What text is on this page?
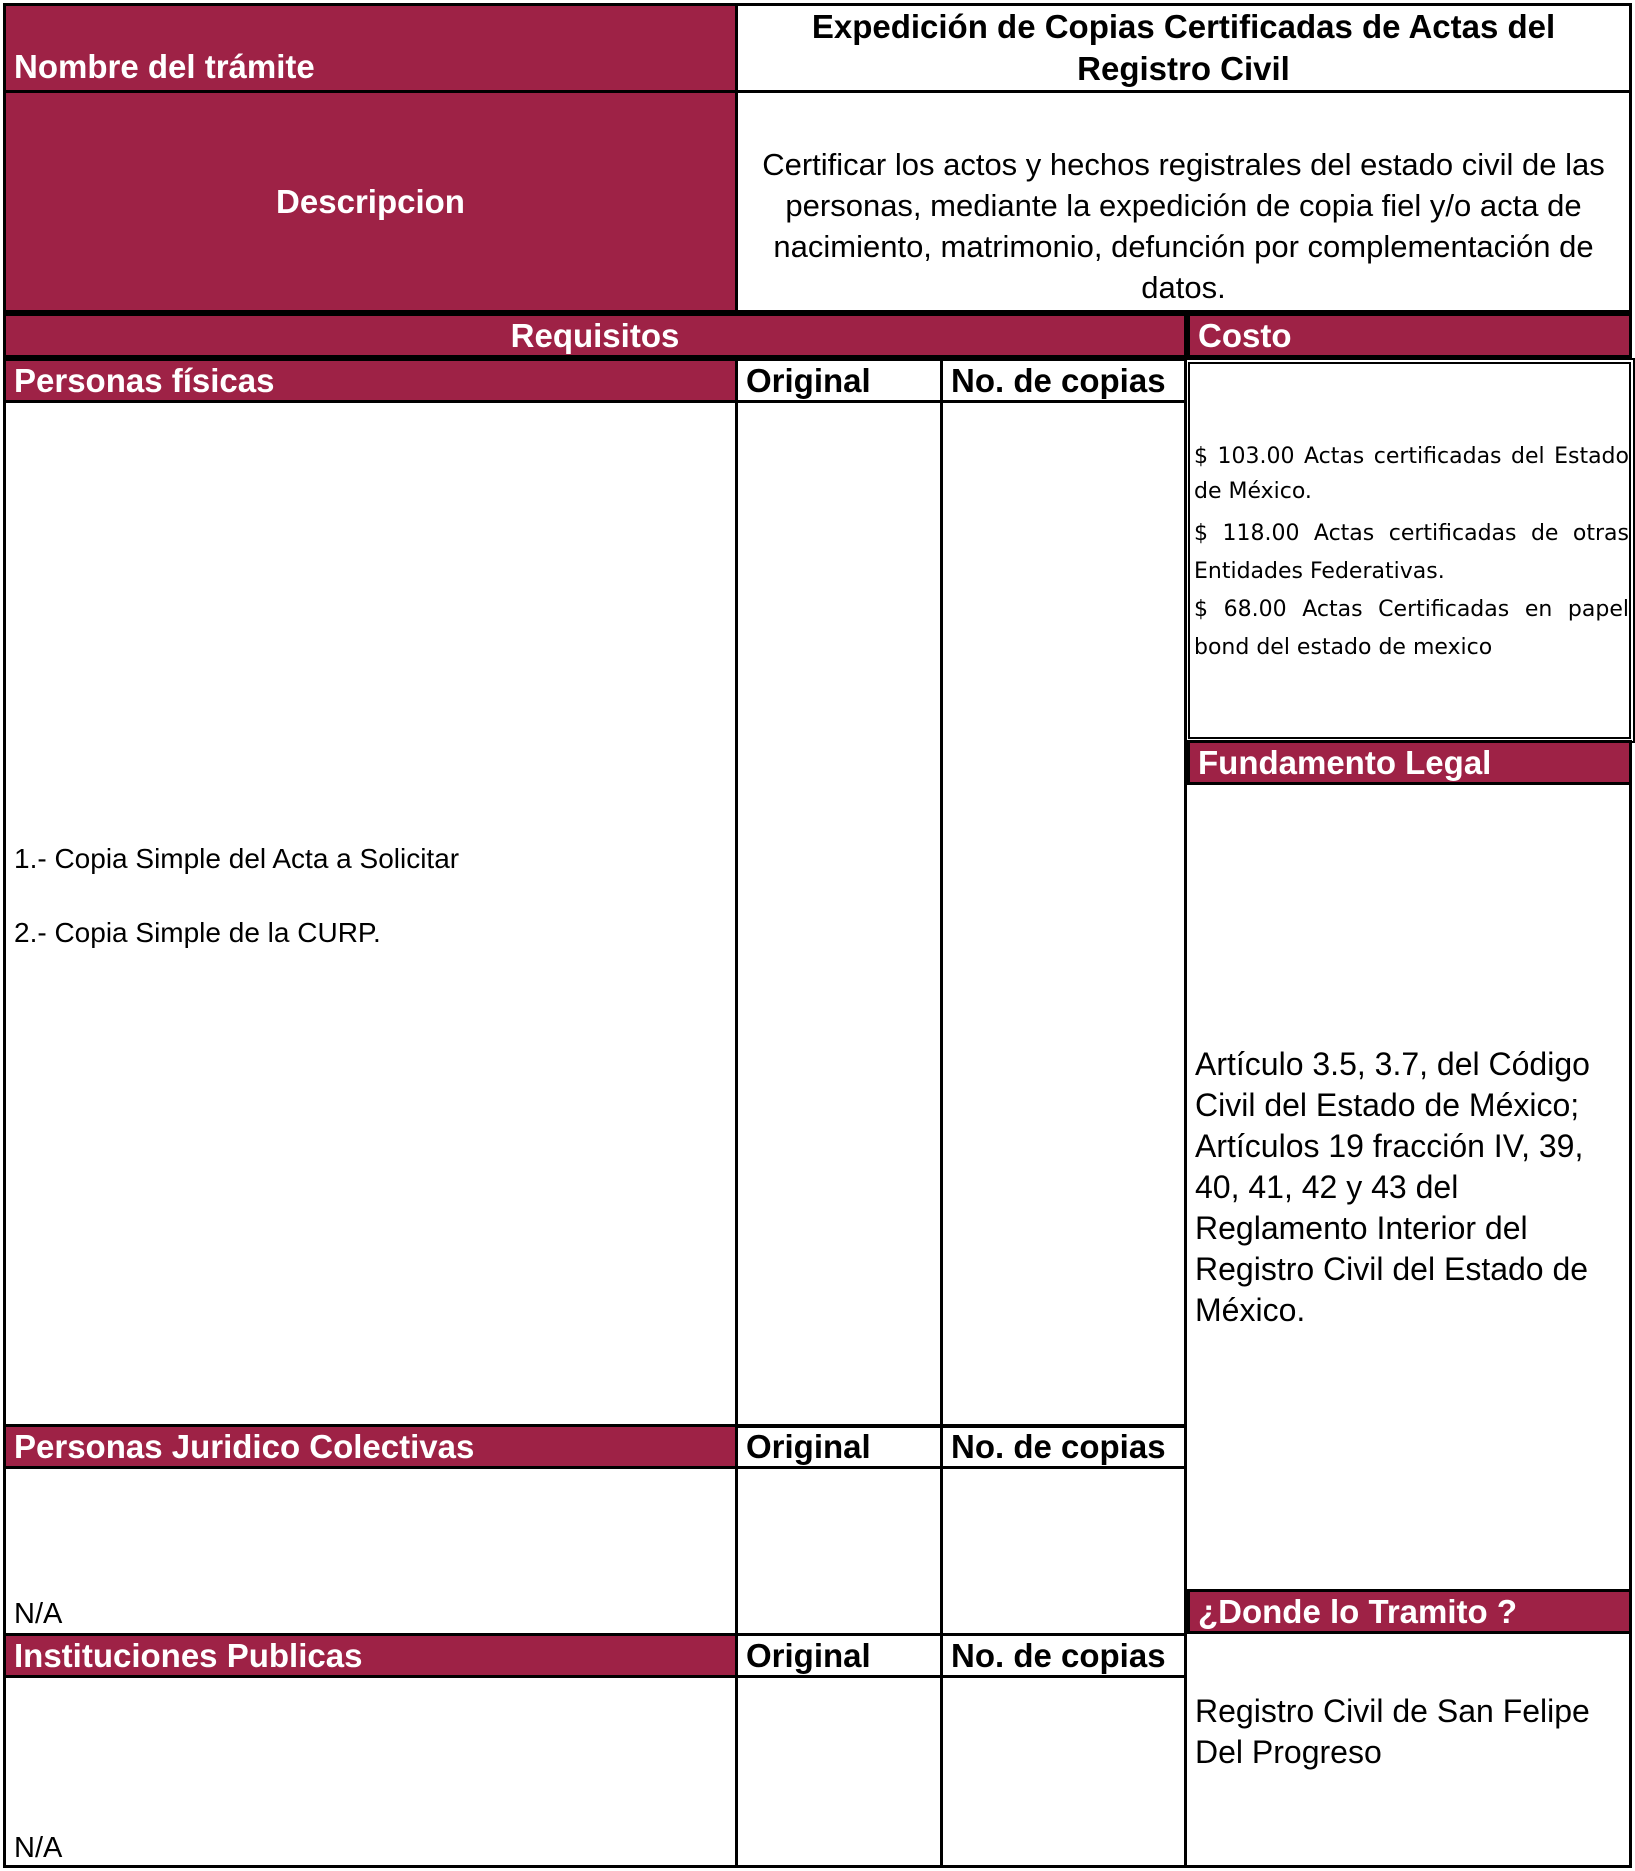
Nombre del trámite
Expedición de Copias Certificadas de Actas del Registro Civil
Descripcion
Certificar los actos y hechos registrales del estado civil de las personas, mediante la expedición de copia fiel y/o acta de nacimiento, matrimonio, defunción por complementación de datos.
Requisitos
Personas físicas	Original No. de copias
1.- Copia Simple del Acta a Solicitar
2.- Copia Simple de la CURP.
Personas Juridico Colectivas	Original No. de copias
N/A
Instituciones Publicas	Original No. de copias
N/A
Costo
$ 103.00 Actas certificadas del Estado de México.
$ 118.00 Actas certificadas de otras Entidades Federativas.
$ 68.00 Actas Certificadas en papel bond del estado de mexico
Fundamento Legal
Artículo 3.5, 3.7, del Código Civil del Estado de México; Artículos 19 fracción IV, 39, 40, 41, 42 y 43 del Reglamento Interior del Registro Civil del Estado de México.
¿Donde lo Tramito ?
Registro Civil de San Felipe Del Progreso
